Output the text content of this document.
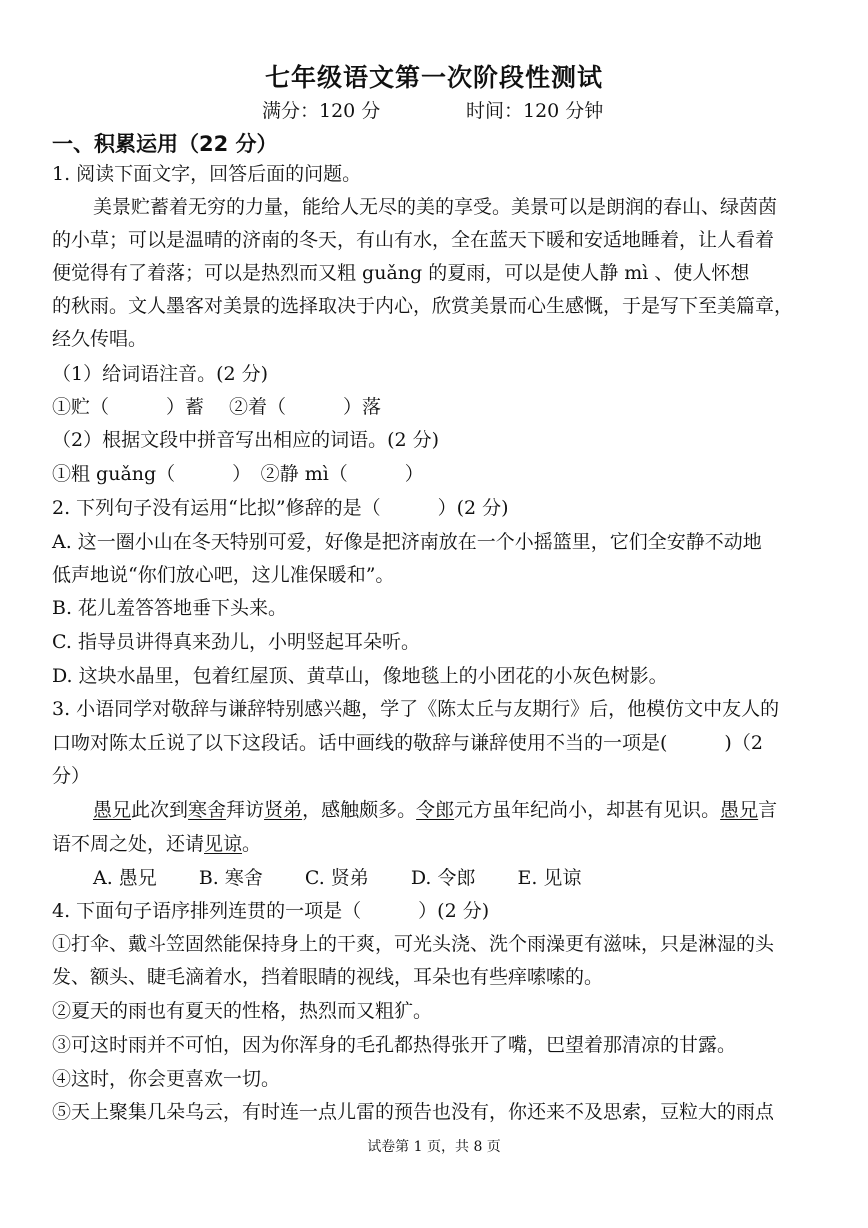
七年级语文第一次阶段性测试
满分：120 分	时间：120 分钟
一、积累运用（22 分）
1. 阅读下面文字，回答后面的问题。
美景贮蓄着无穷的力量，能给人无尽的美的享受。美景可以是朗润的春山、绿茵茵
的小草；可以是温晴的济南的冬天，有山有水，全在蓝天下暖和安适地睡着，让人看着
便觉得有了着落；可以是热烈而又粗 guǎng 的夏雨，可以是使人静 mì 、使人怀想
的秋雨。文人墨客对美景的选择取决于内心，欣赏美景而心生感慨，于是写下至美篇章，
经久传唱。
（1）给词语注音。(2 分)
①贮（　　　）蓄　 ②着（　　　）落
（2）根据文段中拼音写出相应的词语。(2 分)
①粗 guǎng（　　　）　②静 mì（　　　）
2. 下列句子没有运用“比拟”修辞的是（　　　）(2 分)
A. 这一圈小山在冬天特别可爱，好像是把济南放在一个小摇篮里，它们全安静不动地
低声地说“你们放心吧，这儿准保暖和”。
B. 花儿羞答答地垂下头来。
C. 指导员讲得真来劲儿，小明竖起耳朵听。
D. 这块水晶里，包着红屋顶、黄草山，像地毯上的小团花的小灰色树影。
3. 小语同学对敬辞与谦辞特别感兴趣，学了《陈太丘与友期行》后，他模仿文中友人的
口吻对陈太丘说了以下这段话。话中画线的敬辞与谦辞使用不当的一项是(　　　)（2
分）
愚兄此次到寒舍拜访贤弟，感触颇多。令郎元方虽年纪尚小，却甚有见识。愚兄言
语不周之处，还请见谅。
A. 愚兄 B. 寒舍 C. 贤弟 D. 令郎 E. 见谅
4. 下面句子语序排列连贯的一项是（　　　）(2 分)
①打伞、戴斗笠固然能保持身上的干爽，可光头浇、洗个雨澡更有滋味，只是淋湿的头
发、额头、睫毛滴着水，挡着眼睛的视线，耳朵也有些痒嗦嗦的。
②夏天的雨也有夏天的性格，热烈而又粗犷。
③可这时雨并不可怕，因为你浑身的毛孔都热得张开了嘴，巴望着那清凉的甘露。
④这时，你会更喜欢一切。
⑤天上聚集几朵乌云，有时连一点儿雷的预告也没有，你还来不及思索，豆粒大的雨点
试卷第 1 页，共 8 页
